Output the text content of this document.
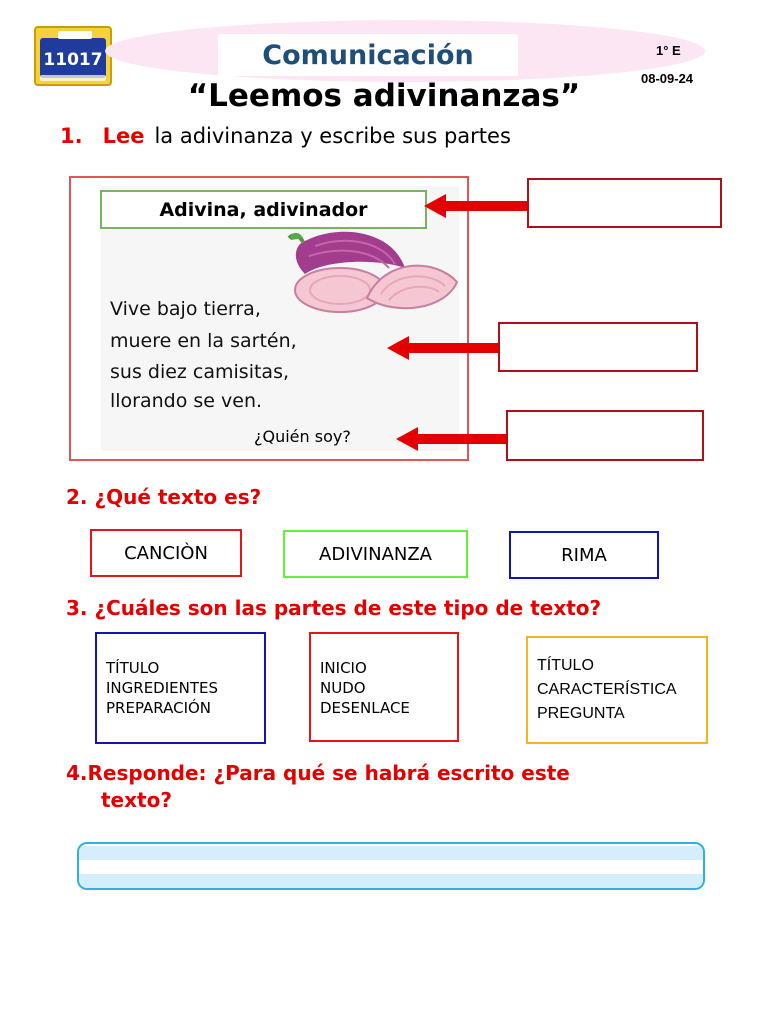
11017	Comunicación	1° E
08-09-24
“Leemos adivinanzas”
1. Lee la adivinanza y escribe sus partes
Adivina, adivinador
Vive bajo tierra,
muere en la sartén,
sus diez camisitas,
llorando se ven.
¿Quién soy?
2. ¿Qué texto es?
CANCIÒN	ADIVINANZA	RIMA
3. ¿Cuáles son las partes de este tipo de texto?
TÍTULO
INGREDIENTES
PREPARACIÓN
INICIO
NUDO
DESENLACE
TÍTULO
CARACTERÍSTICA
PREGUNTA
4.Responde: ¿Para qué se habrá escrito este
texto?
